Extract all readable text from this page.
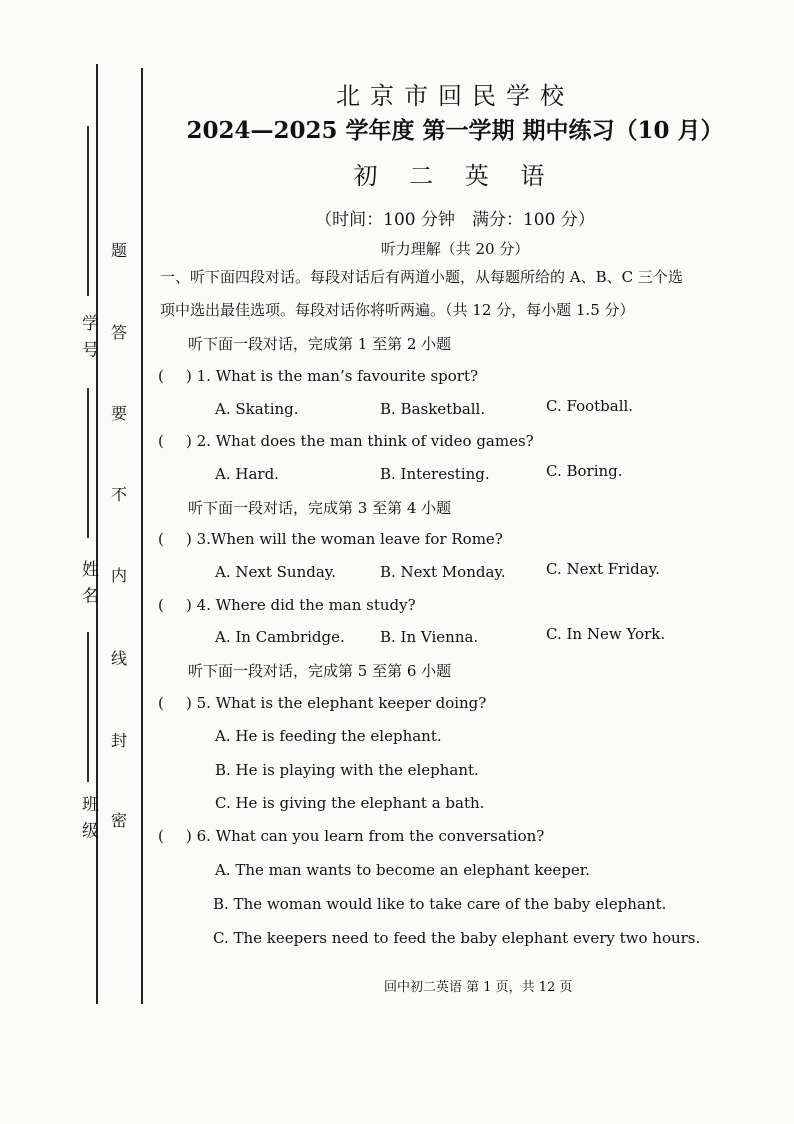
学 号
姓 名
班 级 密
封
线
内
不
要
答
题
北京市回民学校
2024—2025 学年度 第一学期 期中练习（10 月）
初 二 英 语
（时间：100 分钟　满分：100 分）
听力理解（共 20 分）
一、听下面四段对话。每段对话后有两道小题，从每题所给的 A、B、C 三个选
项中选出最佳选项。每段对话你将听两遍。（共 12 分，每小题 1.5 分）
听下面一段对话，完成第 1 至第 2 小题
( ) 1. What is the man’s favourite sport?
A. Skating.	B. Basketball.	C. Football.
( ) 2. What does the man think of video games?
A. Hard.	B. Interesting.	C. Boring.
听下面一段对话，完成第 3 至第 4 小题
( ) 3.When will the woman leave for Rome?
A. Next Sunday.	B. Next Monday.	C. Next Friday.
( ) 4. Where did the man study?
A. In Cambridge. B. In Vienna.	C. In New York.
听下面一段对话，完成第 5 至第 6 小题
( ) 5. What is the elephant keeper doing?
A. He is feeding the elephant.
B. He is playing with the elephant.
C. He is giving the elephant a bath.
( ) 6. What can you learn from the conversation?
A. The man wants to become an elephant keeper.
B. The woman would like to take care of the baby elephant.
C. The keepers need to feed the baby elephant every two hours.
回中初二英语 第 1 页，共 12 页
